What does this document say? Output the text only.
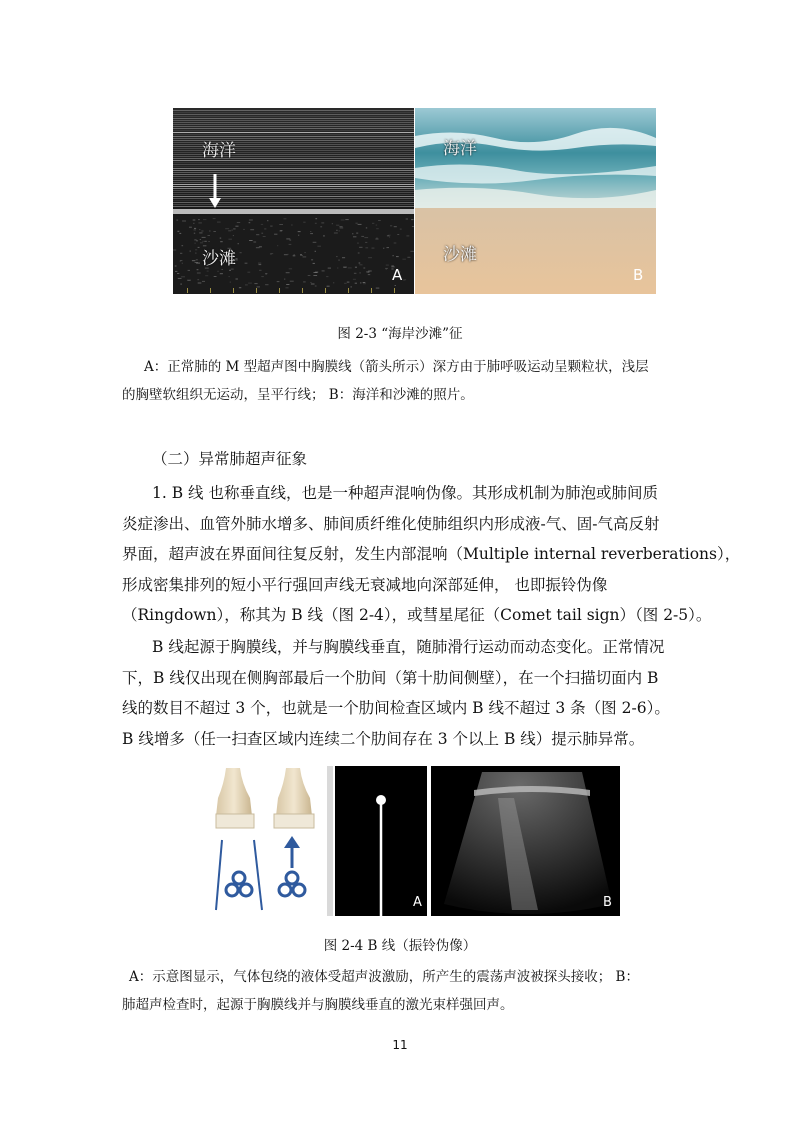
海洋
沙滩
A
海洋
沙滩
B
图 2-3 “海岸沙滩”征
A：正常肺的 M 型超声图中胸膜线（箭头所示）深方由于肺呼吸运动呈颗粒状，浅层
的胸壁软组织无运动，呈平行线； B：海洋和沙滩的照片。
（二）异常肺超声征象
1. B 线 也称垂直线，也是一种超声混响伪像。其形成机制为肺泡或肺间质
炎症渗出、血管外肺水增多、肺间质纤维化使肺组织内形成液-气、固-气高反射
界面，超声波在界面间往复反射，发生内部混响（Multiple internal reverberations），
形成密集排列的短小平行强回声线无衰减地向深部延伸， 也即振铃伪像
（Ringdown），称其为 B 线（图 2-4），或彗星尾征（Comet tail sign）（图 2-5）。
B 线起源于胸膜线，并与胸膜线垂直，随肺滑行运动而动态变化。正常情况
下，B 线仅出现在侧胸部最后一个肋间（第十肋间侧壁），在一个扫描切面内 B
线的数目不超过 3 个，也就是一个肋间检查区域内 B 线不超过 3 条（图 2-6）。
B 线增多（任一扫查区域内连续二个肋间存在 3 个以上 B 线）提示肺异常。
A	B
图 2-4 B 线（振铃伪像）
A：示意图显示，气体包绕的液体受超声波激励，所产生的震荡声波被探头接收； B：
肺超声检查时，起源于胸膜线并与胸膜线垂直的激光束样强回声。
11
